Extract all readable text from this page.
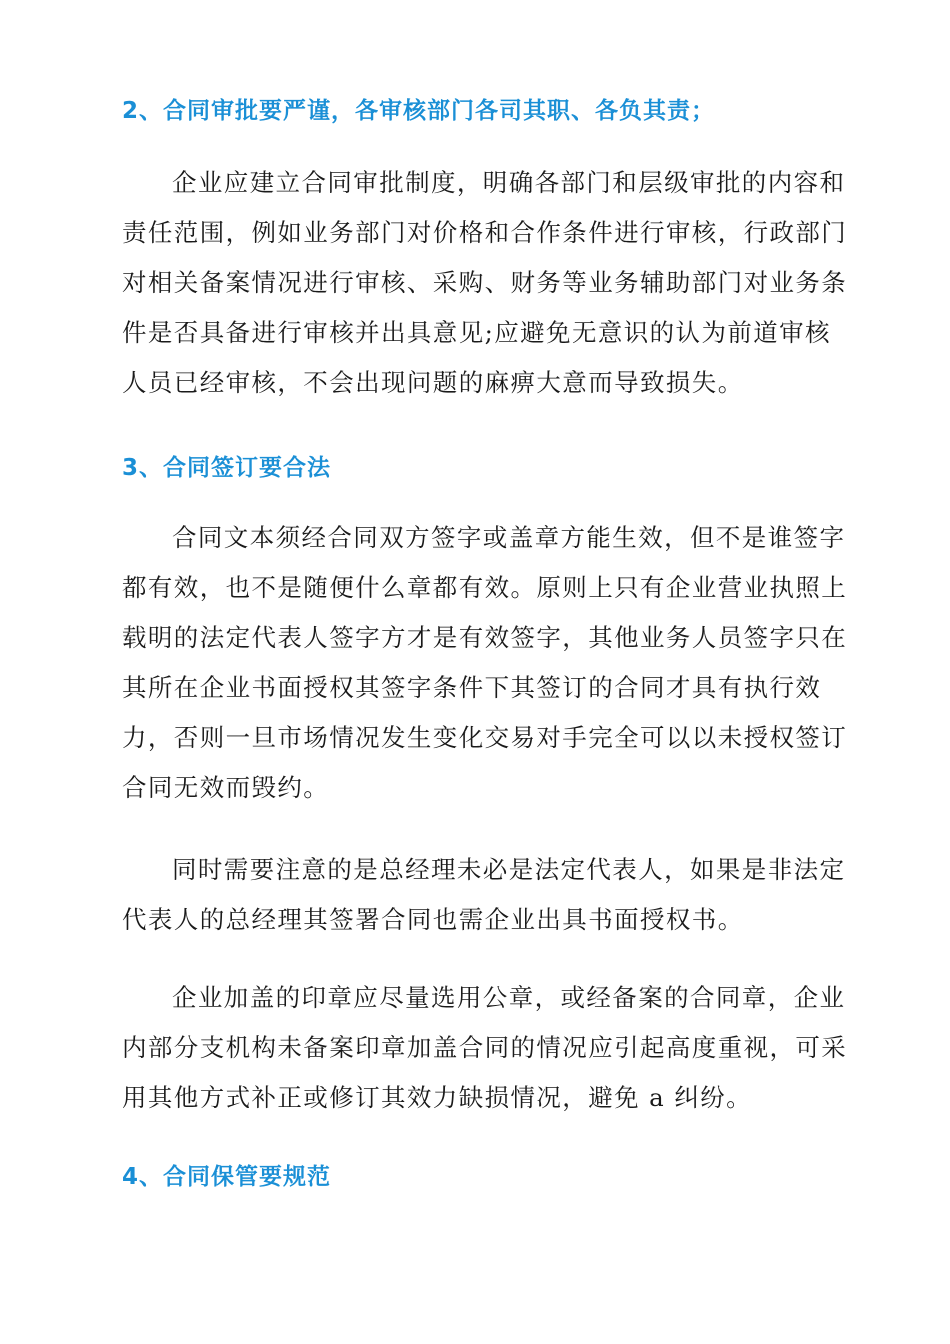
2、合同审批要严谨，各审核部门各司其职、各负其责；

企业应建立合同审批制度，明确各部门和层级审批的内容和
责任范围，例如业务部门对价格和合作条件进行审核，行政部门
对相关备案情况进行审核、采购、财务等业务辅助部门对业务条
件是否具备进行审核并出具意见;应避免无意识的认为前道审核
人员已经审核，不会出现问题的麻痹大意而导致损失。

3、合同签订要合法

合同文本须经合同双方签字或盖章方能生效，但不是谁签字
都有效，也不是随便什么章都有效。原则上只有企业营业执照上
载明的法定代表人签字方才是有效签字，其他业务人员签字只在
其所在企业书面授权其签字条件下其签订的合同才具有执行效
力，否则一旦市场情况发生变化交易对手完全可以以未授权签订
合同无效而毁约。

同时需要注意的是总经理未必是法定代表人，如果是非法定
代表人的总经理其签署合同也需企业出具书面授权书。

企业加盖的印章应尽量选用公章，或经备案的合同章，企业
内部分支机构未备案印章加盖合同的情况应引起高度重视，可采
用其他方式补正或修订其效力缺损情况，避免 a 纠纷。

4、合同保管要规范
